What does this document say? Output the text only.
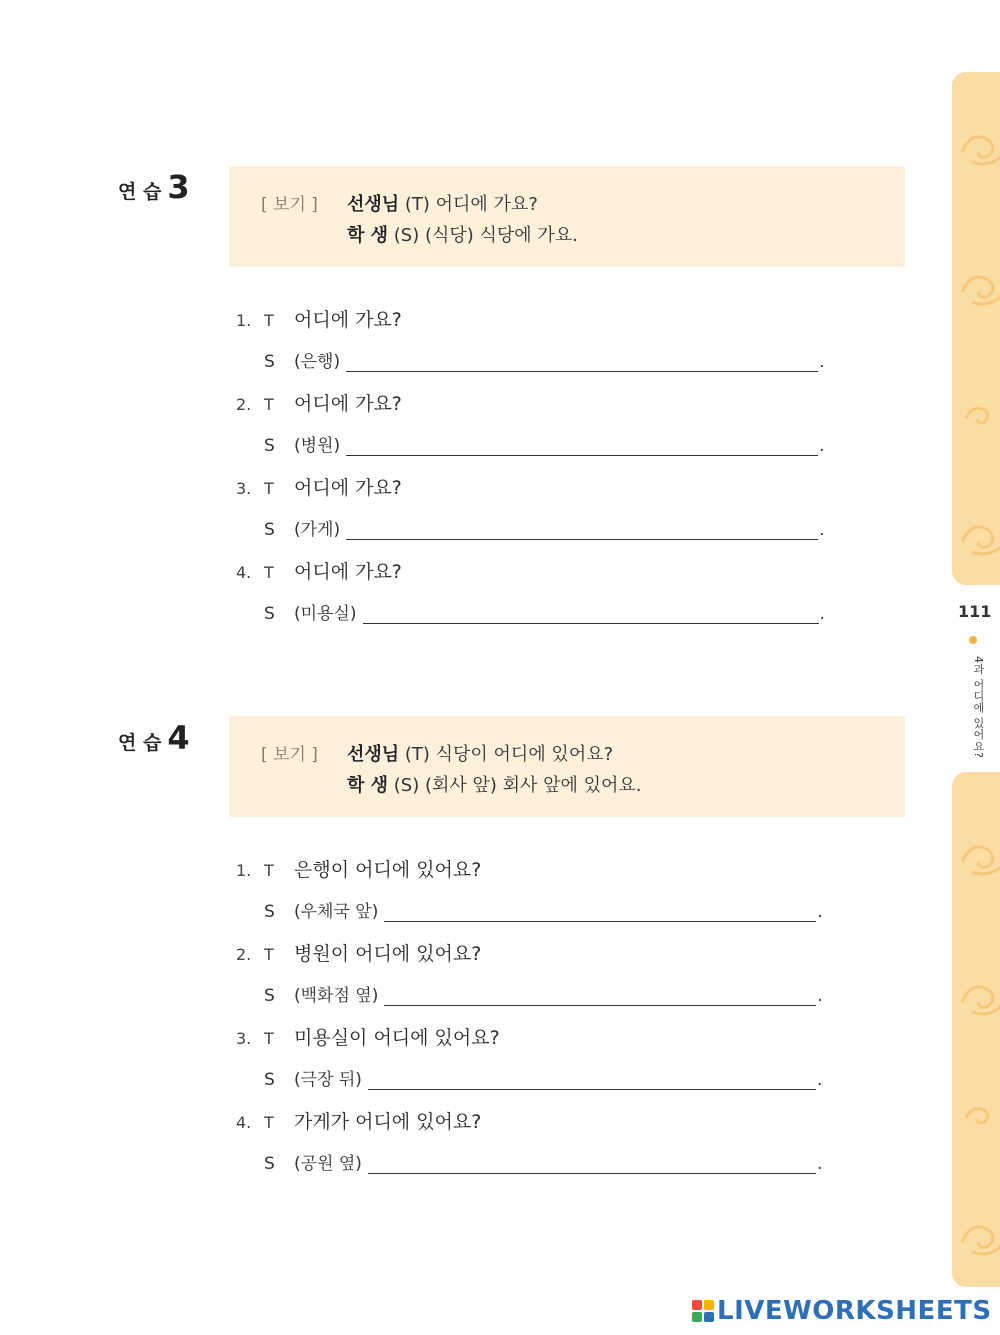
연 습 3	[ 보기 ] 선생님 (T) 어디에 가요?
학 생 (S) (식당) 식당에 가요.
1. T	어디에 가요?
S	(은행)	.
2. T	어디에 가요?
S	(병원)	.
3. T	어디에 가요?
S	(가게)	.
4. T	어디에 가요?
S	(미용실)	.
연 습 4	[ 보기 ] 선생님 (T) 식당이 어디에 있어요?
학 생 (S) (회사 앞) 회사 앞에 있어요.
1. T	은행이 어디에 있어요?
S	(우체국 앞)	.
2. T	병원이 어디에 있어요?
S	(백화점 옆)	.
3. T	미용실이 어디에 있어요?
S	(극장 뒤)	.
4. T	가게가 어디에 있어요?
S	(공원 옆)	.
111
4과 어디에 있어요?
LIVEWORKSHEETS
